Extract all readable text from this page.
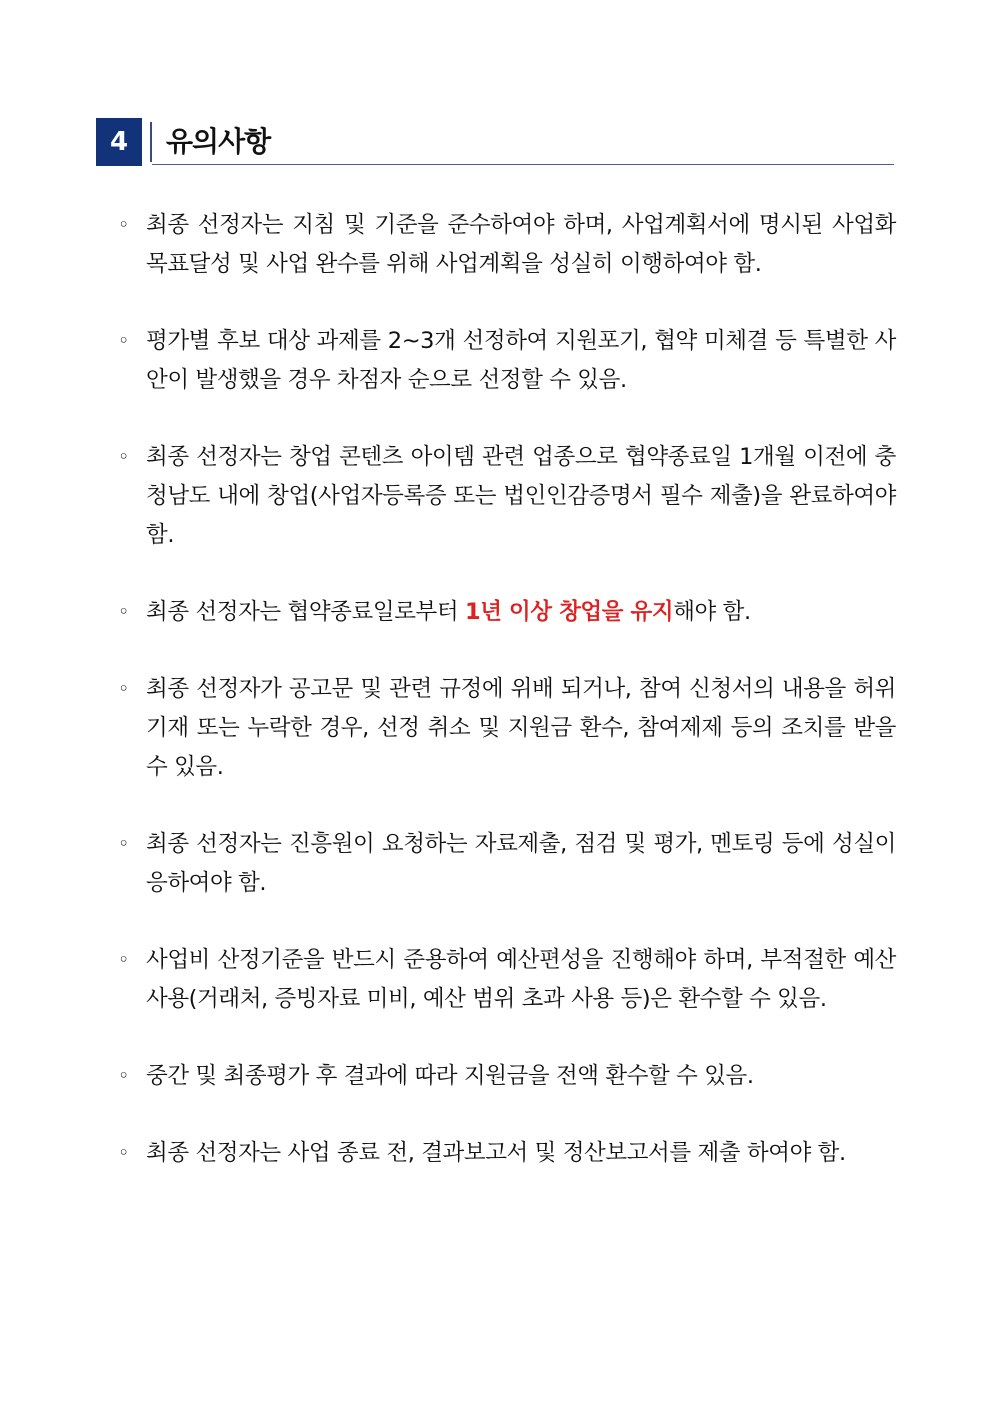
4	유의사항
◦ 최종 선정자는 지침 및 기준을 준수하여야 하며, 사업계획서에 명시된 사업화 목표달성 및 사업 완수를 위해 사업계획을 성실히 이행하여야 함.
◦ 평가별 후보 대상 과제를 2~3개 선정하여 지원포기, 협약 미체결 등 특별한 사안이 발생했을 경우 차점자 순으로 선정할 수 있음.
◦ 최종 선정자는 창업 콘텐츠 아이템 관련 업종으로 협약종료일 1개월 이전에 충청남도 내에 창업(사업자등록증 또는 법인인감증명서 필수 제출)을 완료하여야 함.
◦ 최종 선정자는 협약종료일로부터 1년 이상 창업을 유지해야 함.
◦ 최종 선정자가 공고문 및 관련 규정에 위배 되거나, 참여 신청서의 내용을 허위 기재 또는 누락한 경우, 선정 취소 및 지원금 환수, 참여제제 등의 조치를 받을 수 있음.
◦ 최종 선정자는 진흥원이 요청하는 자료제출, 점검 및 평가, 멘토링 등에 성실이 응하여야 함.
◦ 사업비 산정기준을 반드시 준용하여 예산편성을 진행해야 하며, 부적절한 예산 사용(거래처, 증빙자료 미비, 예산 범위 초과 사용 등)은 환수할 수 있음.
◦ 중간 및 최종평가 후 결과에 따라 지원금을 전액 환수할 수 있음.
◦ 최종 선정자는 사업 종료 전, 결과보고서 및 정산보고서를 제출 하여야 함.
